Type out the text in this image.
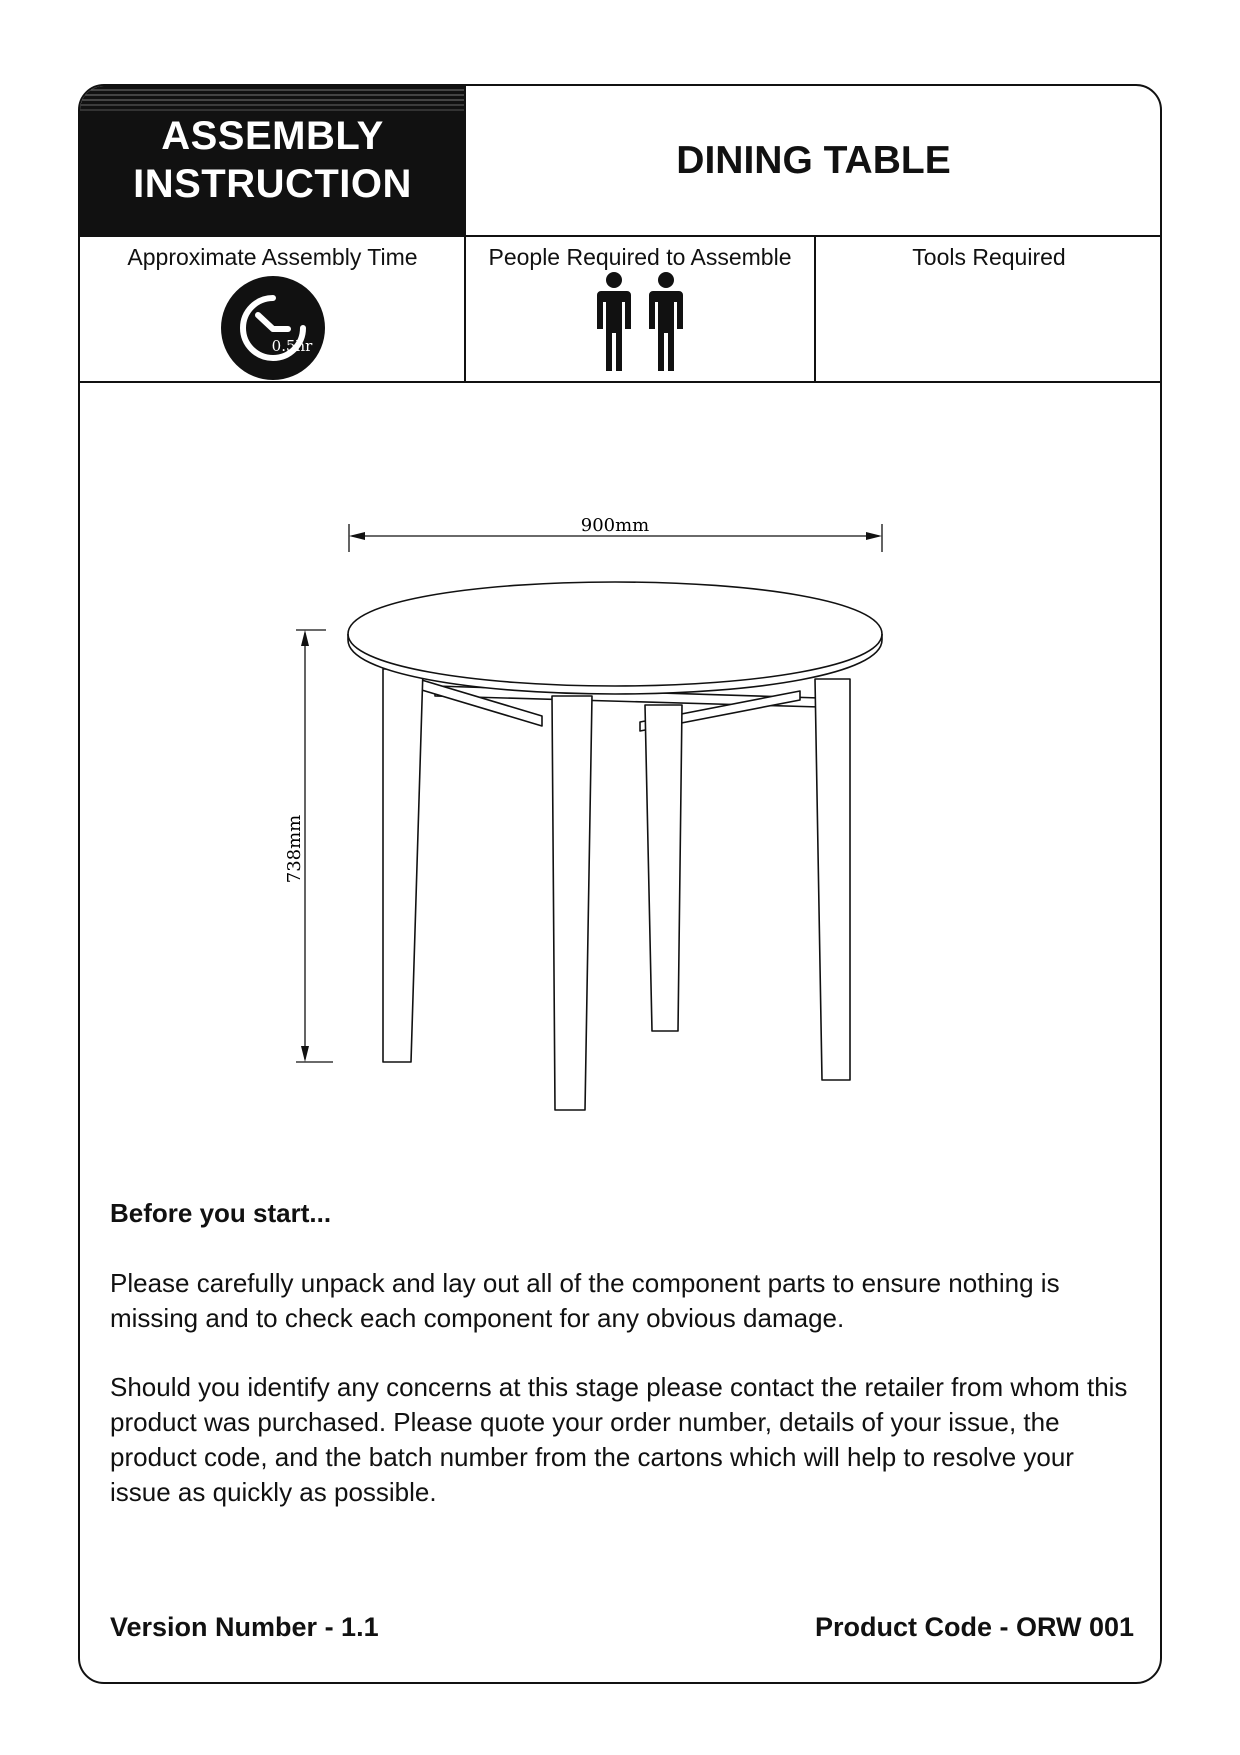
ASSEMBLY
INSTRUCTION
DINING TABLE
Approximate Assembly Time
0.5hr
People Required to Assemble	Tools Required
900mm
738mm
Before you start...
Please carefully unpack and lay out all of the component parts to ensure nothing is missing and to check each component for any obvious damage.
Should you identify any concerns at this stage please contact the retailer from whom this product was purchased. Please quote your order number, details of your issue, the product code, and the batch number from the cartons which will help to resolve your issue as quickly as possible.
Version Number - 1.1	Product Code - ORW 001
